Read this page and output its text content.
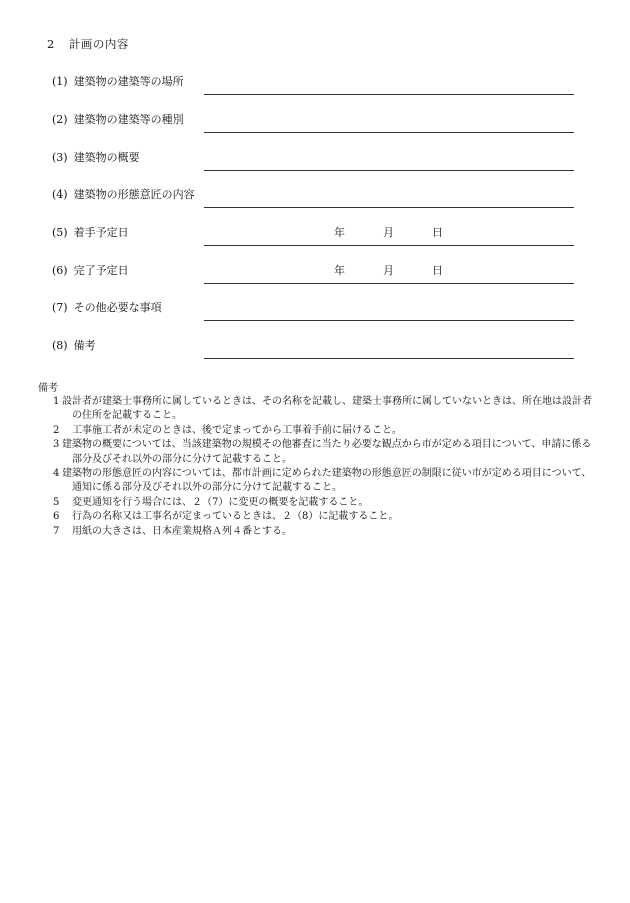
2 計画の内容
(1) 建築物の建築等の場所
(2) 建築物の建築等の種別
(3) 建築物の概要
(4) 建築物の形態意匠の内容
(5) 着手予定日	年	月	日
(6) 完了予定日	年	月	日
(7) その他必要な事項
(8) 備考
備考
1 設計者が建築士事務所に属しているときは、その名称を記載し、建築士事務所に属していないときは、所在地は設計者の住所を記載すること。
2 工事施工者が未定のときは、後で定まってから工事着手前に届けること。
3 建築物の概要については、当該建築物の規模その他審査に当たり必要な観点から市が定める項目について、申請に係る部分及びそれ以外の部分に分けて記載すること。
4 建築物の形態意匠の内容については、都市計画に定められた建築物の形態意匠の制限に従い市が定める項目について、通知に係る部分及びそれ以外の部分に分けて記載すること。
5 変更通知を行う場合には、２（7）に変更の概要を記載すること。
6 行為の名称又は工事名が定まっているときは、２（8）に記載すること。
7 用紙の大きさは、日本産業規格Ａ列４番とする。
